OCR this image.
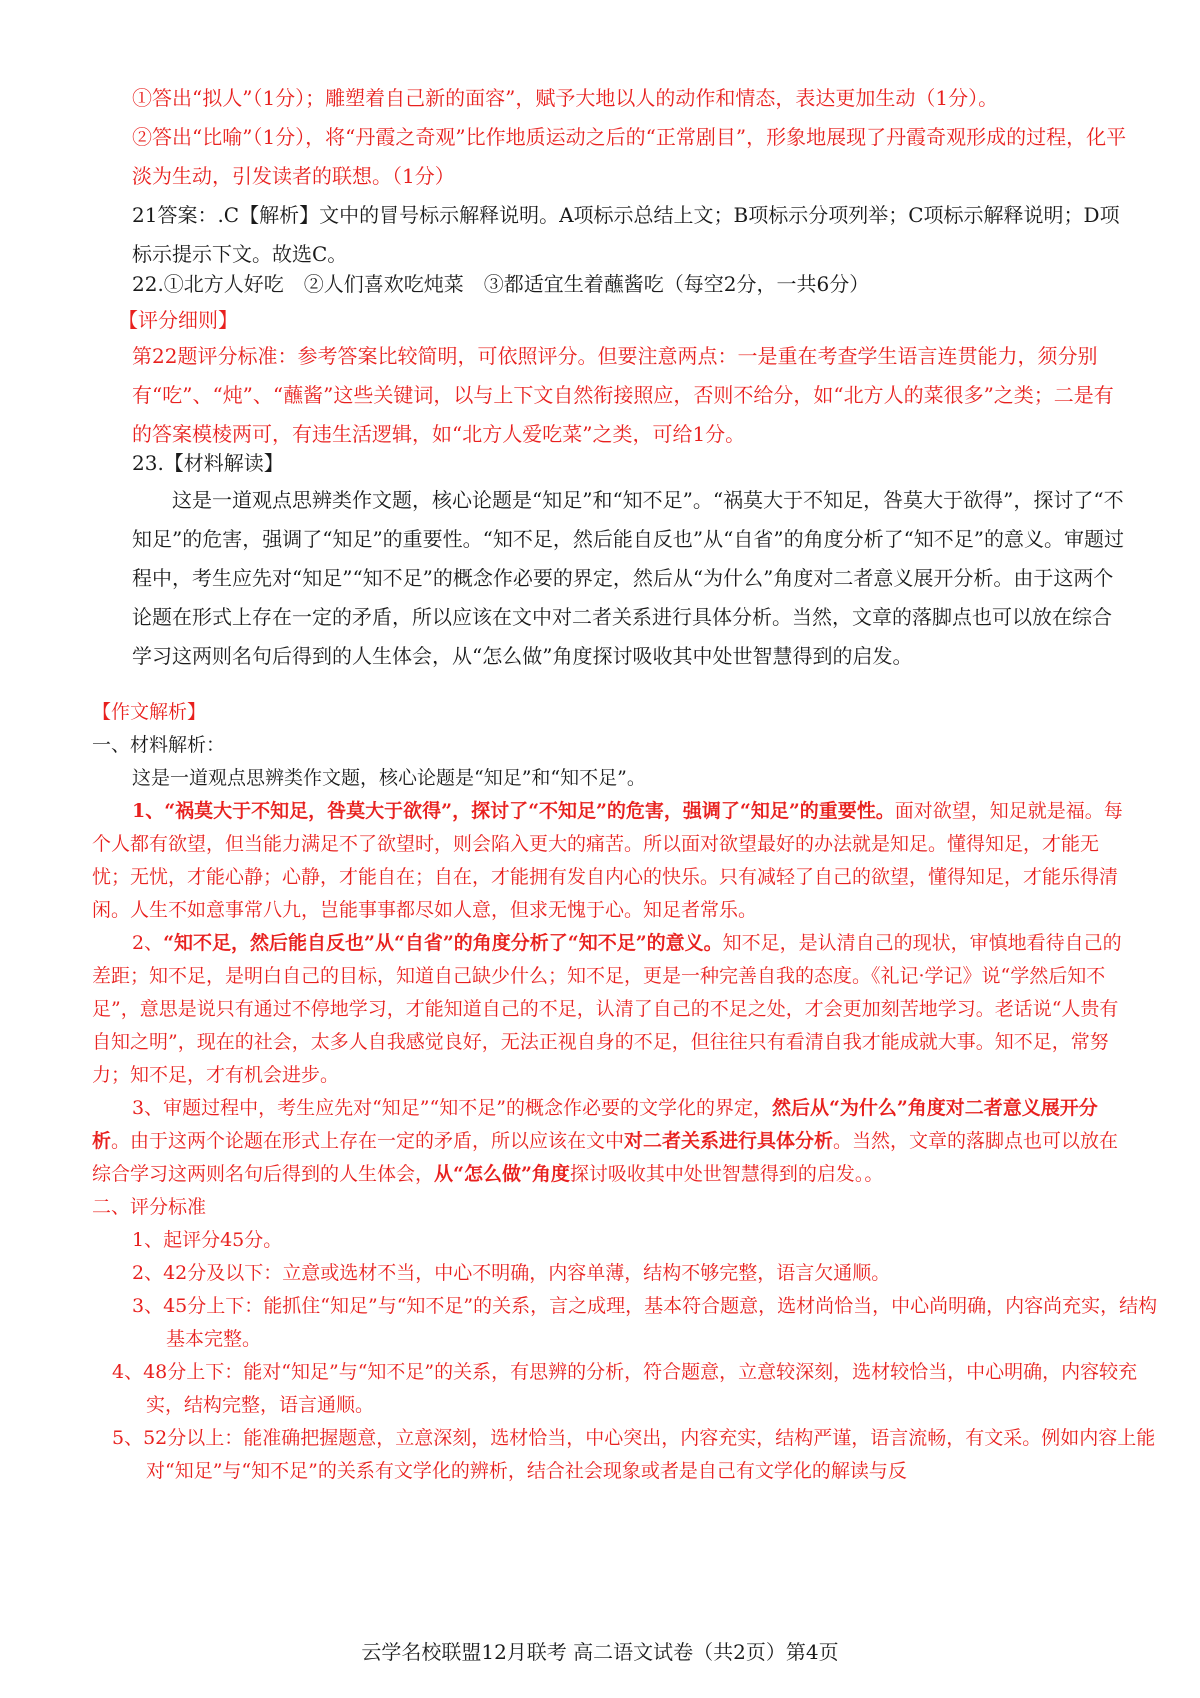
①答出“拟人”（1分）；雕塑着自己新的面容”，赋予大地以人的动作和情态，表达更加生动（1分）。

②答出“比喻”（1分），将“丹霞之奇观”比作地质运动之后的“正常剧目”，形象地展现了丹霞奇观形成的过程，化平淡为生动，引发读者的联想。（1分）

21答案：.C【解析】文中的冒号标示解释说明。A项标示总结上文；B项标示分项列举；C项标示解释说明；D项标示提示下文。故选C。

22.①北方人好吃　②人们喜欢吃炖菜　③都适宜生着蘸酱吃（每空2分，一共6分）

【评分细则】

第22题评分标准：参考答案比较简明，可依照评分。但要注意两点：一是重在考查学生语言连贯能力，须分别有“吃”、“炖”、“蘸酱”这些关键词，以与上下文自然衔接照应，否则不给分，如“北方人的菜很多”之类；二是有的答案模棱两可，有违生活逻辑，如“北方人爱吃菜”之类，可给1分。

23.【材料解读】

这是一道观点思辨类作文题，核心论题是“知足”和“知不足”。“祸莫大于不知足，咎莫大于欲得”，探讨了“不知足”的危害，强调了“知足”的重要性。“知不足，然后能自反也”从“自省”的角度分析了“知不足”的意义。审题过程中，考生应先对“知足”“知不足”的概念作必要的界定，然后从“为什么”角度对二者意义展开分析。由于这两个论题在形式上存在一定的矛盾，所以应该在文中对二者关系进行具体分析。当然，文章的落脚点也可以放在综合学习这两则名句后得到的人生体会，从“怎么做”角度探讨吸收其中处世智慧得到的启发。

【作文解析】

一、材料解析：

这是一道观点思辨类作文题，核心论题是“知足”和“知不足”。

1、“祸莫大于不知足，咎莫大于欲得”，探讨了“不知足”的危害，强调了“知足”的重要性。面对欲望，知足就是福。每个人都有欲望，但当能力满足不了欲望时，则会陷入更大的痛苦。所以面对欲望最好的办法就是知足。懂得知足，才能无忧；无忧，才能心静；心静，才能自在；自在，才能拥有发自内心的快乐。只有减轻了自己的欲望，懂得知足，才能乐得清闲。人生不如意事常八九，岂能事事都尽如人意，但求无愧于心。知足者常乐。

2、“知不足，然后能自反也”从“自省”的角度分析了“知不足”的意义。知不足，是认清自己的现状，审慎地看待自己的差距；知不足，是明白自己的目标，知道自己缺少什么；知不足，更是一种完善自我的态度。《礼记·学记》说“学然后知不足”，意思是说只有通过不停地学习，才能知道自己的不足，认清了自己的不足之处，才会更加刻苦地学习。老话说“人贵有自知之明”，现在的社会，太多人自我感觉良好，无法正视自身的不足，但往往只有看清自我才能成就大事。知不足，常努力；知不足，才有机会进步。

3、审题过程中，考生应先对“知足”“知不足”的概念作必要的文学化的界定，然后从“为什么”角度对二者意义展开分析。由于这两个论题在形式上存在一定的矛盾，所以应该在文中对二者关系进行具体分析。当然，文章的落脚点也可以放在综合学习这两则名句后得到的人生体会，从“怎么做”角度探讨吸收其中处世智慧得到的启发。。

二、评分标准

1、起评分45分。

2、42分及以下：立意或选材不当，中心不明确，内容单薄，结构不够完整，语言欠通顺。

3、45分上下：能抓住“知足”与“知不足”的关系，言之成理，基本符合题意，选材尚恰当，中心尚明确，内容尚充实，结构基本完整。

4、48分上下：能对“知足”与“知不足”的关系，有思辨的分析，符合题意，立意较深刻，选材较恰当，中心明确，内容较充实，结构完整，语言通顺。

5、52分以上：能准确把握题意，立意深刻，选材恰当，中心突出，内容充实，结构严谨，语言流畅，有文采。例如内容上能对“知足”与“知不足”的关系有文学化的辨析，结合社会现象或者是自己有文学化的解读与反

云学名校联盟12月联考 高二语文试卷（共2页）第4页
